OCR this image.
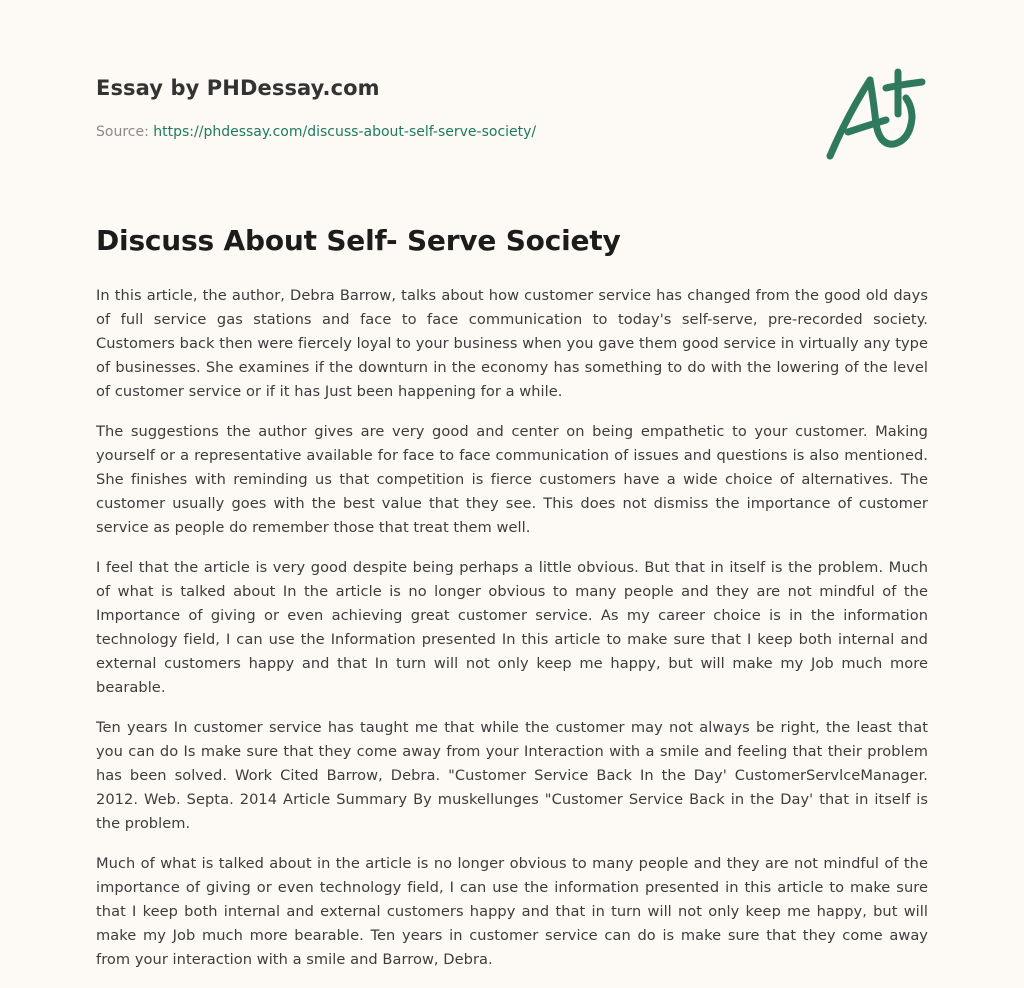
Essay by PHDessay.com
Source: https://phdessay.com/discuss-about-self-serve-society/
Discuss About Self- Serve Society

In this article, the author, Debra Barrow, talks about how customer service has changed from the good old days of full service gas stations and face to face communication to today's self-serve, pre-recorded society. Customers back then were fiercely loyal to your business when you gave them good service in virtually any type of businesses. She examines if the downturn in the economy has something to do with the lowering of the level of customer service or if it has Just been happening for a while.

The suggestions the author gives are very good and center on being empathetic to your customer. Making yourself or a representative available for face to face communication of issues and questions is also mentioned. She finishes with reminding us that competition is fierce customers have a wide choice of alternatives. The customer usually goes with the best value that they see. This does not dismiss the importance of customer service as people do remember those that treat them well.

I feel that the article is very good despite being perhaps a little obvious. But that in itself is the problem. Much of what is talked about In the article is no longer obvious to many people and they are not mindful of the Importance of giving or even achieving great customer service. As my career choice is in the information technology field, I can use the Information presented In this article to make sure that I keep both internal and external customers happy and that In turn will not only keep me happy, but will make my Job much more bearable.

Ten years In customer service has taught me that while the customer may not always be right, the least that you can do Is make sure that they come away from your Interaction with a smile and feeling that their problem has been solved. Work Cited Barrow, Debra. "Customer Service Back In the Day' CustomerServlceManager. 2012. Web. Septa. 2014 Article Summary By muskellunges "Customer Service Back in the Day' that in itself is the problem.

Much of what is talked about in the article is no longer obvious to many people and they are not mindful of the importance of giving or even technology field, I can use the information presented in this article to make sure that I keep both internal and external customers happy and that in turn will not only keep me happy, but will make my Job much more bearable. Ten years in customer service can do is make sure that they come away from your interaction with a smile and Barrow, Debra.
